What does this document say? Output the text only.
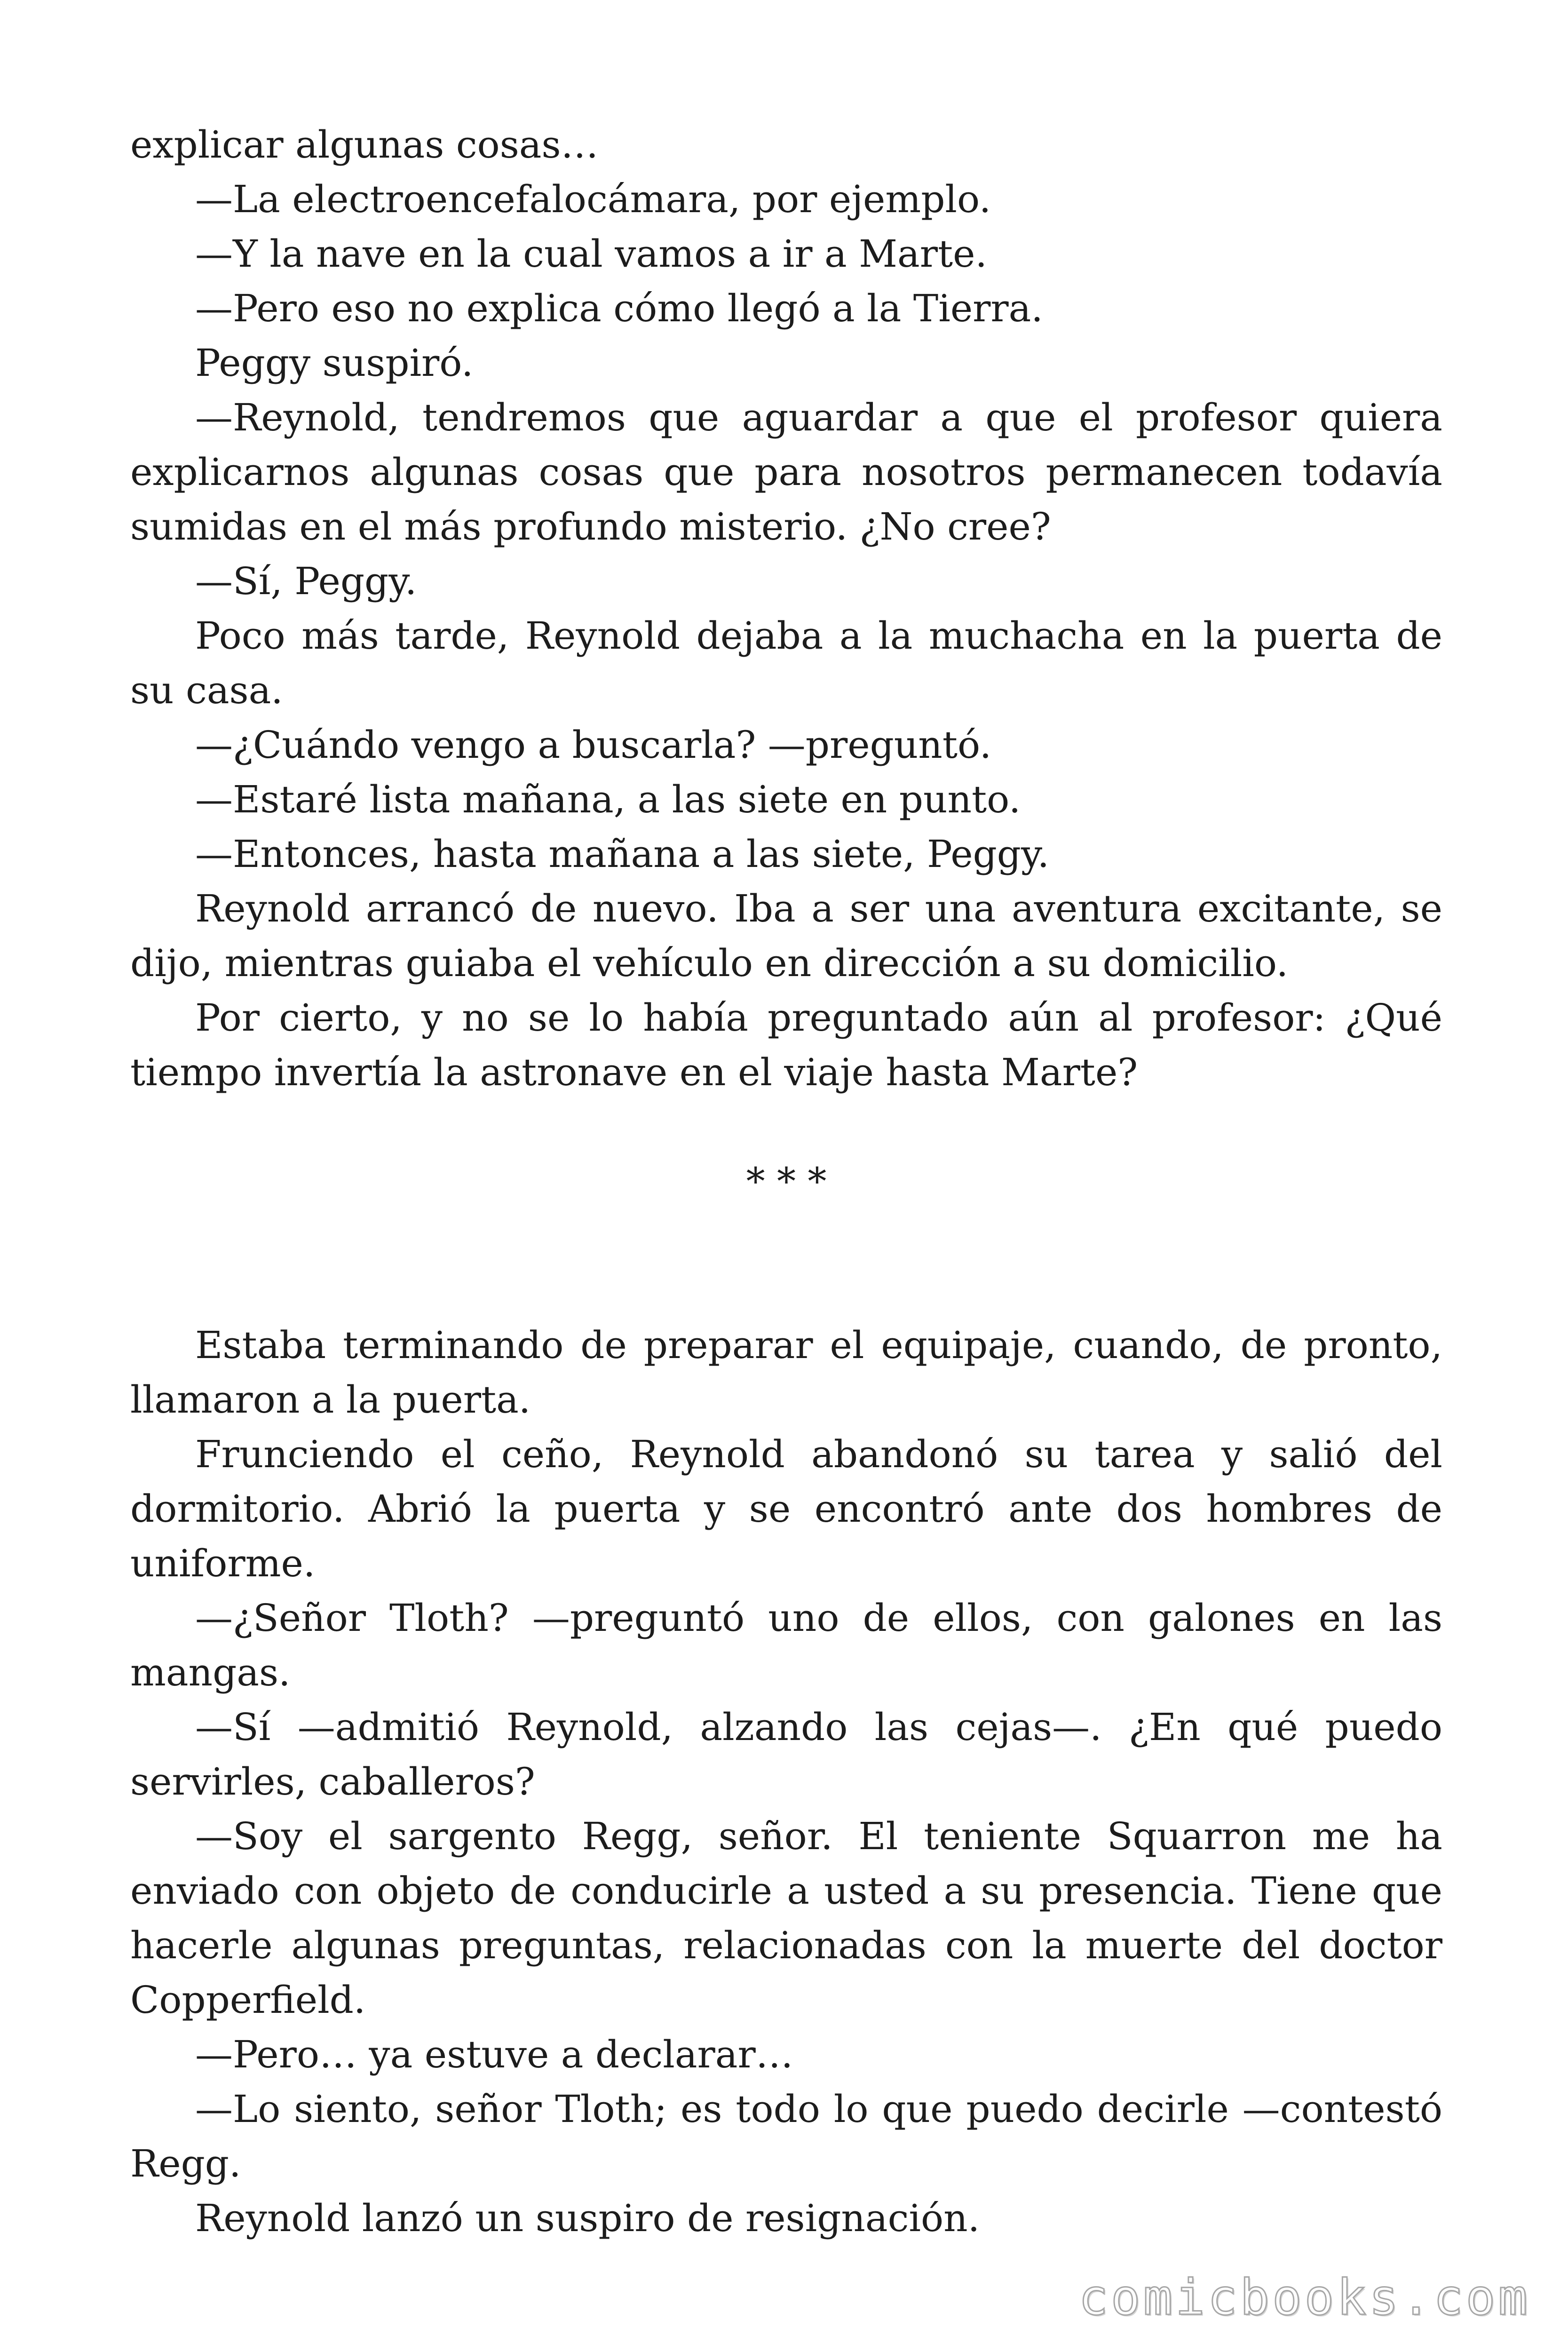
explicar algunas cosas…

—La electroencefalocámara, por ejemplo.

—Y la nave en la cual vamos a ir a Marte.

—Pero eso no explica cómo llegó a la Tierra.

Peggy suspiró.

—Reynold, tendremos que aguardar a que el profesor quiera explicarnos algunas cosas que para nosotros permanecen todavía sumidas en el más profundo misterio. ¿No cree?

—Sí, Peggy.

Poco más tarde, Reynold dejaba a la muchacha en la puerta de su casa.

—¿Cuándo vengo a buscarla? —preguntó.

—Estaré lista mañana, a las siete en punto.

—Entonces, hasta mañana a las siete, Peggy.

Reynold arrancó de nuevo. Iba a ser una aventura excitante, se dijo, mientras guiaba el vehículo en dirección a su domicilio.

Por cierto, y no se lo había preguntado aún al profesor: ¿Qué tiempo invertía la astronave en el viaje hasta Marte?

* * *

Estaba terminando de preparar el equipaje, cuando, de pronto, llamaron a la puerta.

Frunciendo el ceño, Reynold abandonó su tarea y salió del dormitorio. Abrió la puerta y se encontró ante dos hombres de uniforme.

—¿Señor Tloth? —preguntó uno de ellos, con galones en las mangas.

—Sí —admitió Reynold, alzando las cejas—. ¿En qué puedo servirles, caballeros?

—Soy el sargento Regg, señor. El teniente Squarron me ha enviado con objeto de conducirle a usted a su presencia. Tiene que hacerle algunas preguntas, relacionadas con la muerte del doctor Copperfield.

—Pero… ya estuve a declarar…

—Lo siento, señor Tloth; es todo lo que puedo decirle —contestó Regg.

Reynold lanzó un suspiro de resignación.

comicbooks.com
